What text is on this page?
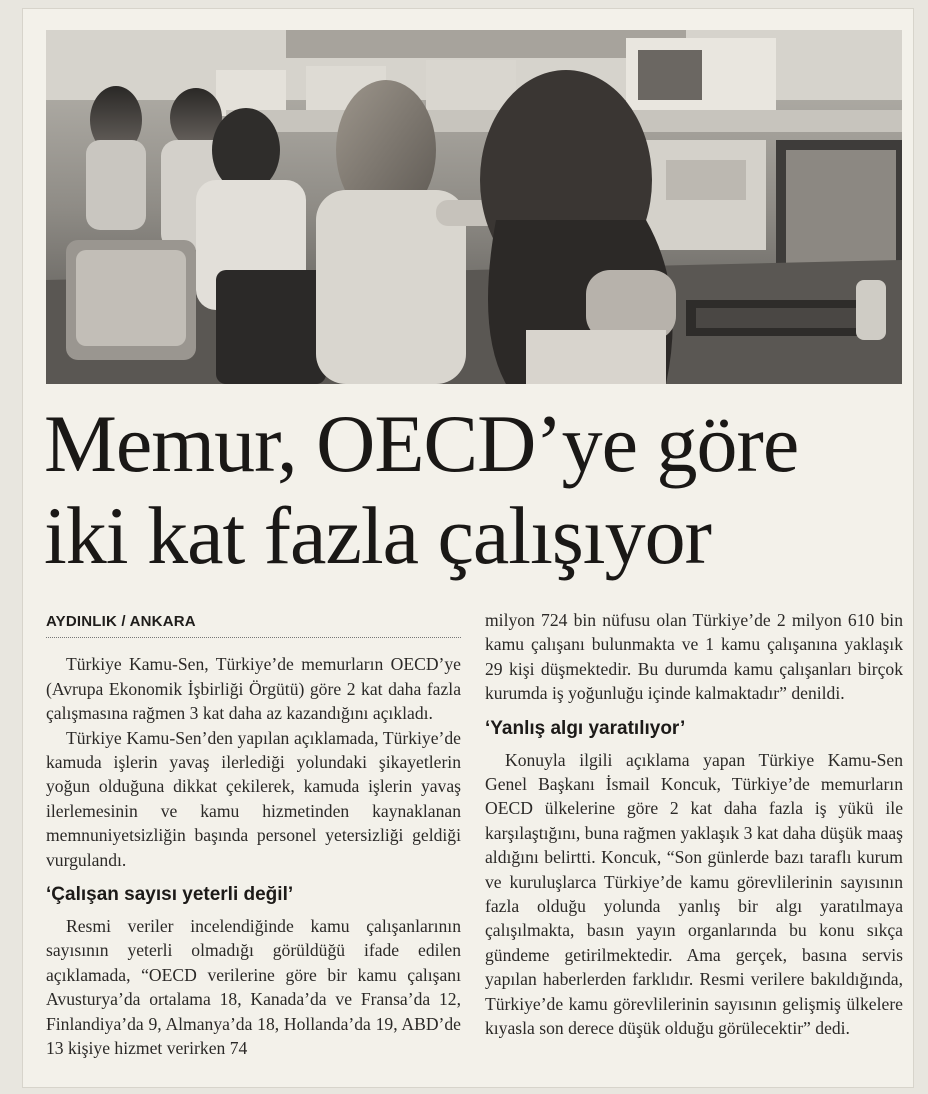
Memur, OECD’ye göre
iki kat fazla çalışıyor
AYDINLIK / ANKARA

Türkiye Kamu-Sen, Türkiye’de memurların OECD’ye (Avrupa Ekonomik İşbirliği Örgütü) göre 2 kat daha fazla çalışmasına rağmen 3 kat daha az kazandığını açıkladı.

Türkiye Kamu-Sen’den yapılan açıklamada, Türkiye’de kamuda işlerin yavaş ilerlediği yolundaki şikayetlerin yoğun olduğuna dikkat çekilerek, kamuda işlerin yavaş ilerlemesinin ve kamu hizmetinden kaynaklanan memnuniyetsizliğin başında personel yetersizliği geldiği vurgulandı.

‘Çalışan sayısı yeterli değil’

Resmi veriler incelendiğinde kamu çalışanlarının sayısının yeterli olmadığı görüldüğü ifade edilen açıklamada, “OECD verilerine göre bir kamu çalışanı Avusturya’da ortalama 18, Kanada’da ve Fransa’da 12, Finlandiya’da 9, Almanya’da 18, Hollanda’da 19, ABD’de 13 kişiye hizmet verirken 74

milyon 724 bin nüfusu olan Türkiye’de 2 milyon 610 bin kamu çalışanı bulunmakta ve 1 kamu çalışanına yaklaşık 29 kişi düşmektedir. Bu durumda kamu çalışanları birçok kurumda iş yoğunluğu içinde kalmaktadır” denildi.

‘Yanlış algı yaratılıyor’

Konuyla ilgili açıklama yapan Türkiye Kamu-Sen Genel Başkanı İsmail Koncuk, Türkiye’de memurların OECD ülkelerine göre 2 kat daha fazla iş yükü ile karşılaştığını, buna rağmen yaklaşık 3 kat daha düşük maaş aldığını belirtti. Koncuk, “Son günlerde bazı taraflı kurum ve kuruluşlarca Türkiye’de kamu görevlilerinin sayısının fazla olduğu yolunda yanlış bir algı yaratılmaya çalışılmakta, basın yayın organlarında bu konu sıkça gündeme getirilmektedir. Ama gerçek, basına servis yapılan haberlerden farklıdır. Resmi verilere bakıldığında, Türkiye’de kamu görevlilerinin sayısının gelişmiş ülkelere kıyasla son derece düşük olduğu görülecektir” dedi.
